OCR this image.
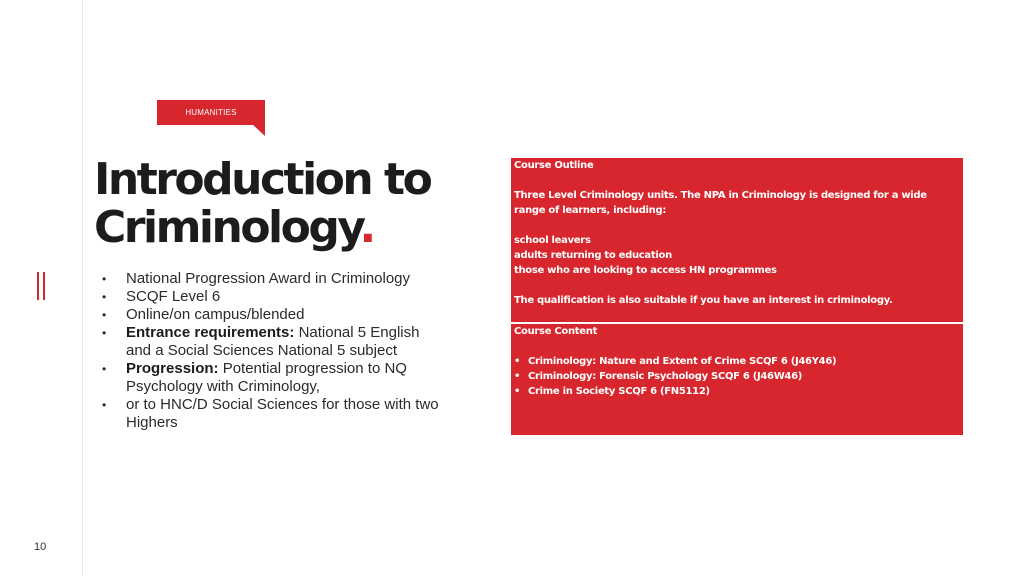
HUMANITIES
Introduction to
Criminology.
• National Progression Award in Criminology
• SCQF Level 6
• Online/on campus/blended
• Entrance requirements: National 5 English and a Social Sciences National 5 subject
• Progression: Potential progression to NQ Psychology with Criminology,
• or to HNC/D Social Sciences for those with two Highers

Course Outline

Three Level Criminology units. The NPA in Criminology is designed for a wide range of learners, including:

school leavers

adults returning to education

those who are looking to access HN programmes

The qualification is also suitable if you have an interest in criminology.

Course Content

• Criminology: Nature and Extent of Crime SCQF 6 (J46Y46)
• Criminology: Forensic Psychology SCQF 6 (J46W46)
• Crime in Society SCQF 6 (FN5112)
10
